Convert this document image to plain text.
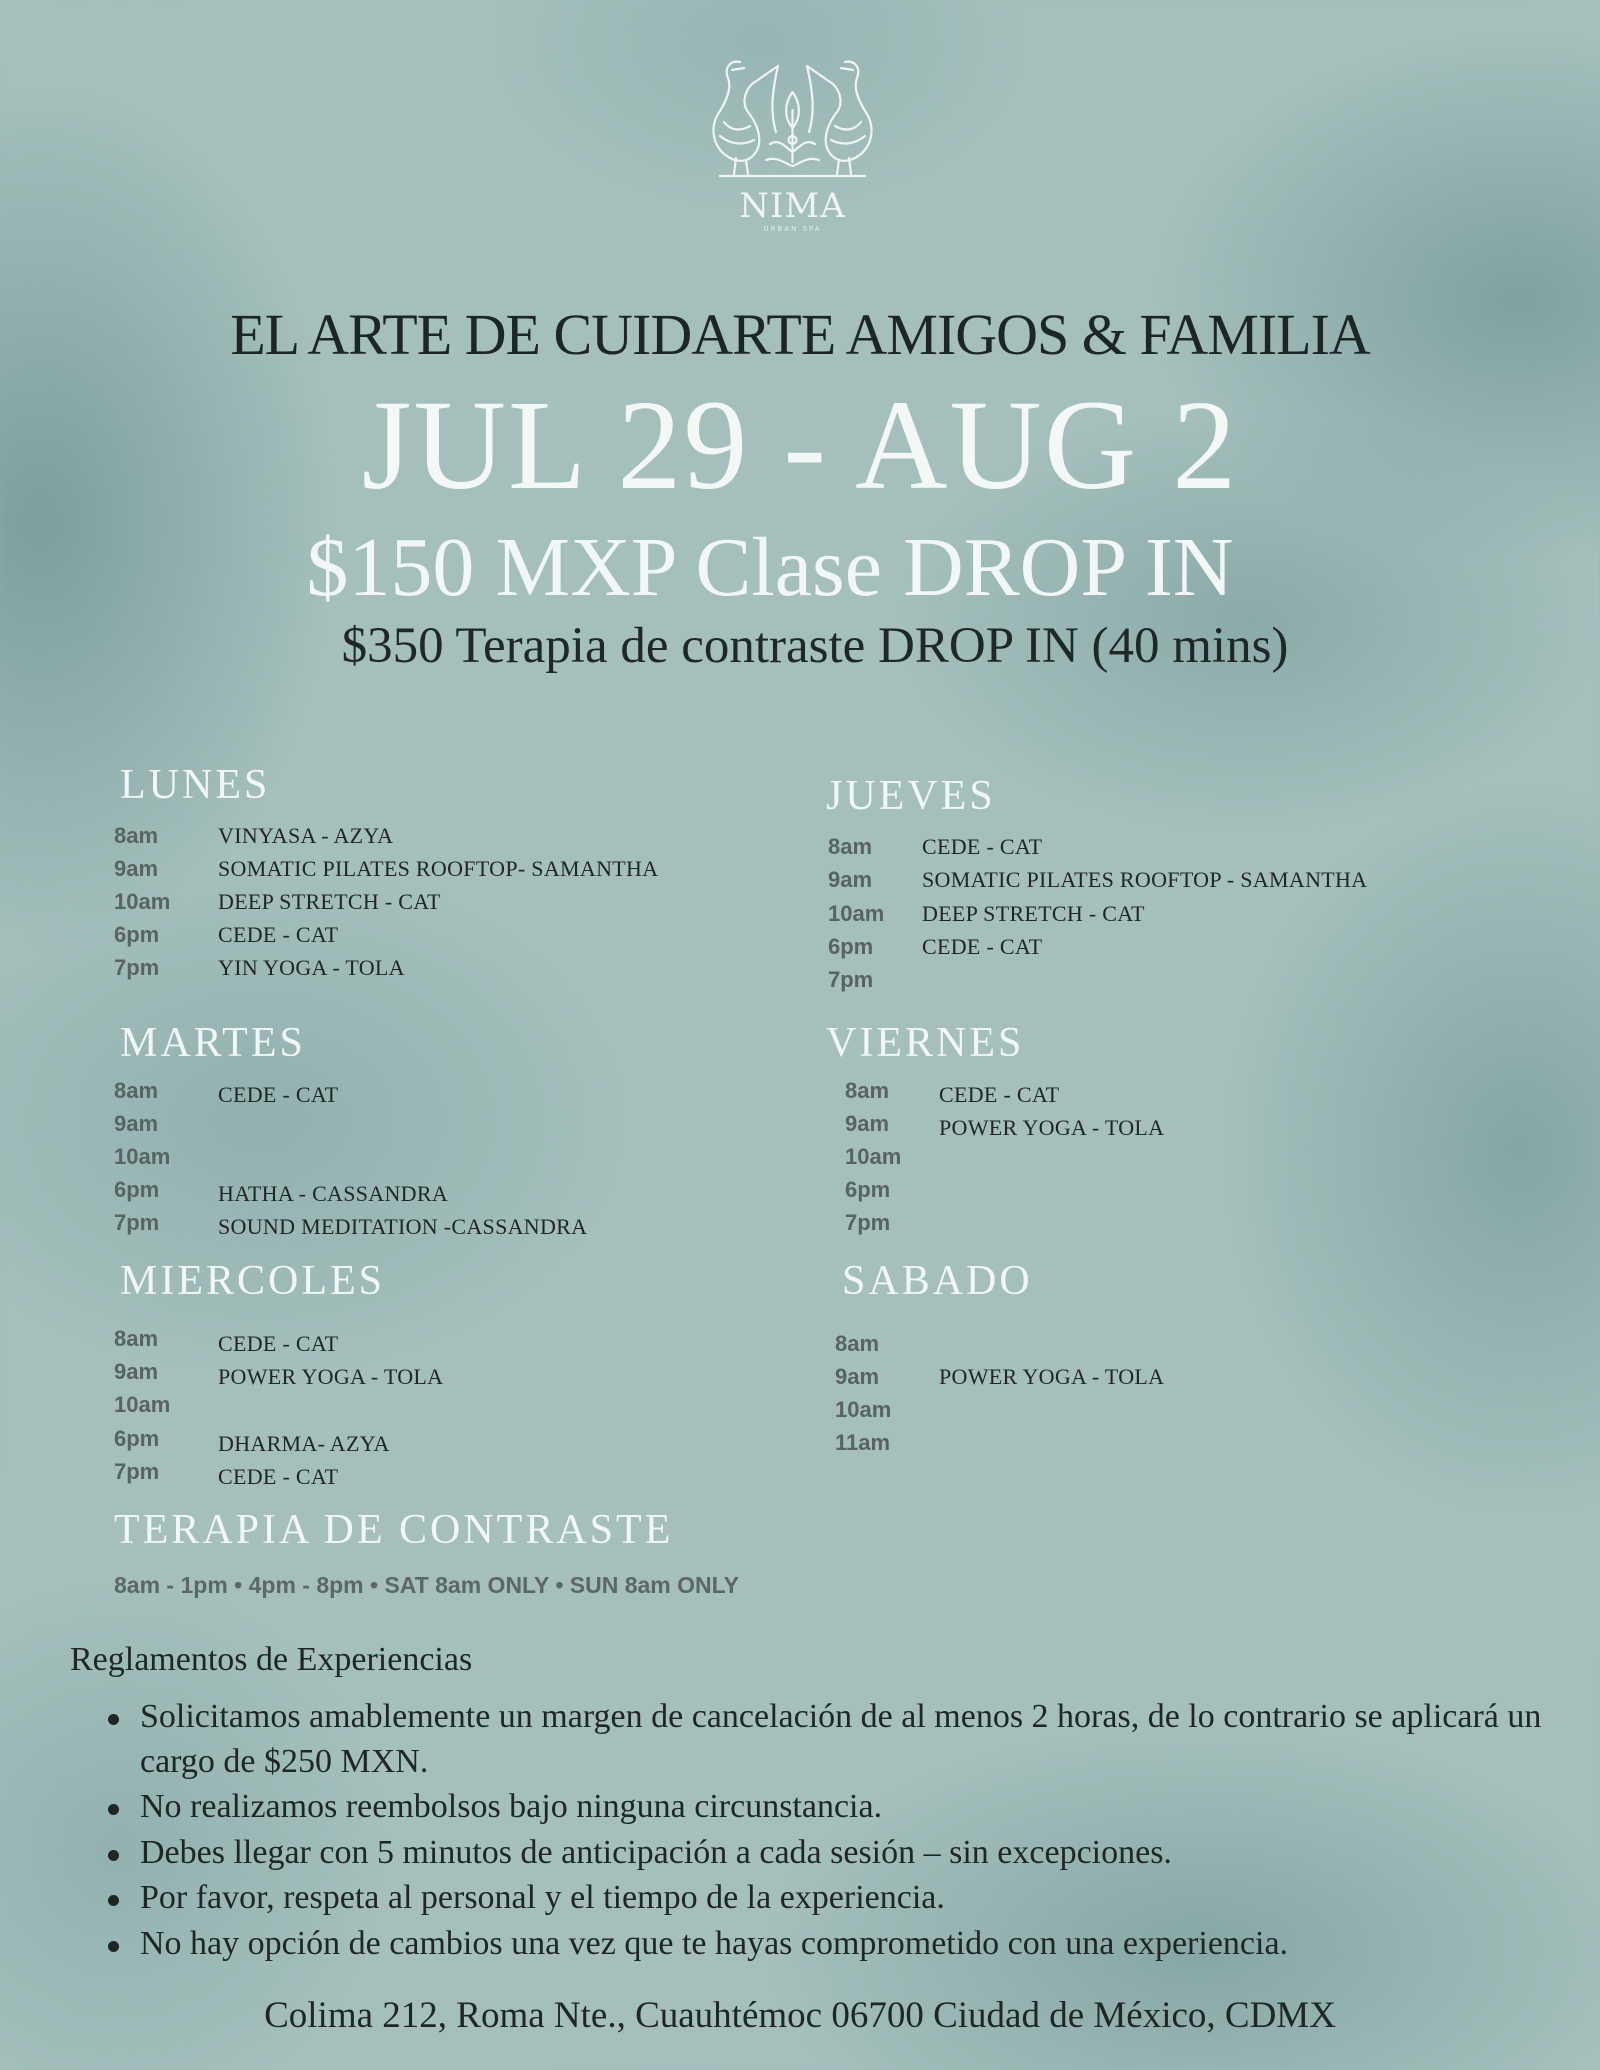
NIMA
URBAN SPA
EL ARTE DE CUIDARTE AMIGOS & FAMILIA
JUL 29 - AUG 2
$150 MXP Clase DROP IN
$350 Terapia de contraste DROP IN (40 mins)
LUNES
8am	VINYASA - AZYA
9am	SOMATIC PILATES ROOFTOP- SAMANTHA
10am DEEP STRETCH - CAT
6pm	CEDE - CAT
7pm	YIN YOGA - TOLA
MARTES
8am	CEDE - CAT
9am
10am
6pm	HATHA - CASSANDRA
7pm	SOUND MEDITATION -CASSANDRA
MIERCOLES
8am	CEDE - CAT
9am	POWER YOGA - TOLA
10am
6pm	DHARMA- AZYA
7pm	CEDE - CAT
JUEVES
8am CEDE - CAT
9am SOMATIC PILATES ROOFTOP - SAMANTHA
10am DEEP STRETCH - CAT
6pm CEDE - CAT
7pm
VIERNES
8am CEDE - CAT
9am POWER YOGA - TOLA
10am
6pm
7pm
SABADO
8am
9am	POWER YOGA - TOLA
10am
11am
TERAPIA DE CONTRASTE
8am - 1pm • 4pm - 8pm • SAT 8am ONLY • SUN 8am ONLY
Reglamentos de Experiencias
Solicitamos amablemente un margen de cancelación de al menos 2 horas, de lo contrario se aplicará un cargo de $250 MXN.
No realizamos reembolsos bajo ninguna circunstancia.
Debes llegar con 5 minutos de anticipación a cada sesión – sin excepciones.
Por favor, respeta al personal y el tiempo de la experiencia.
No hay opción de cambios una vez que te hayas comprometido con una experiencia.
Colima 212, Roma Nte., Cuauhtémoc 06700 Ciudad de México, CDMX
